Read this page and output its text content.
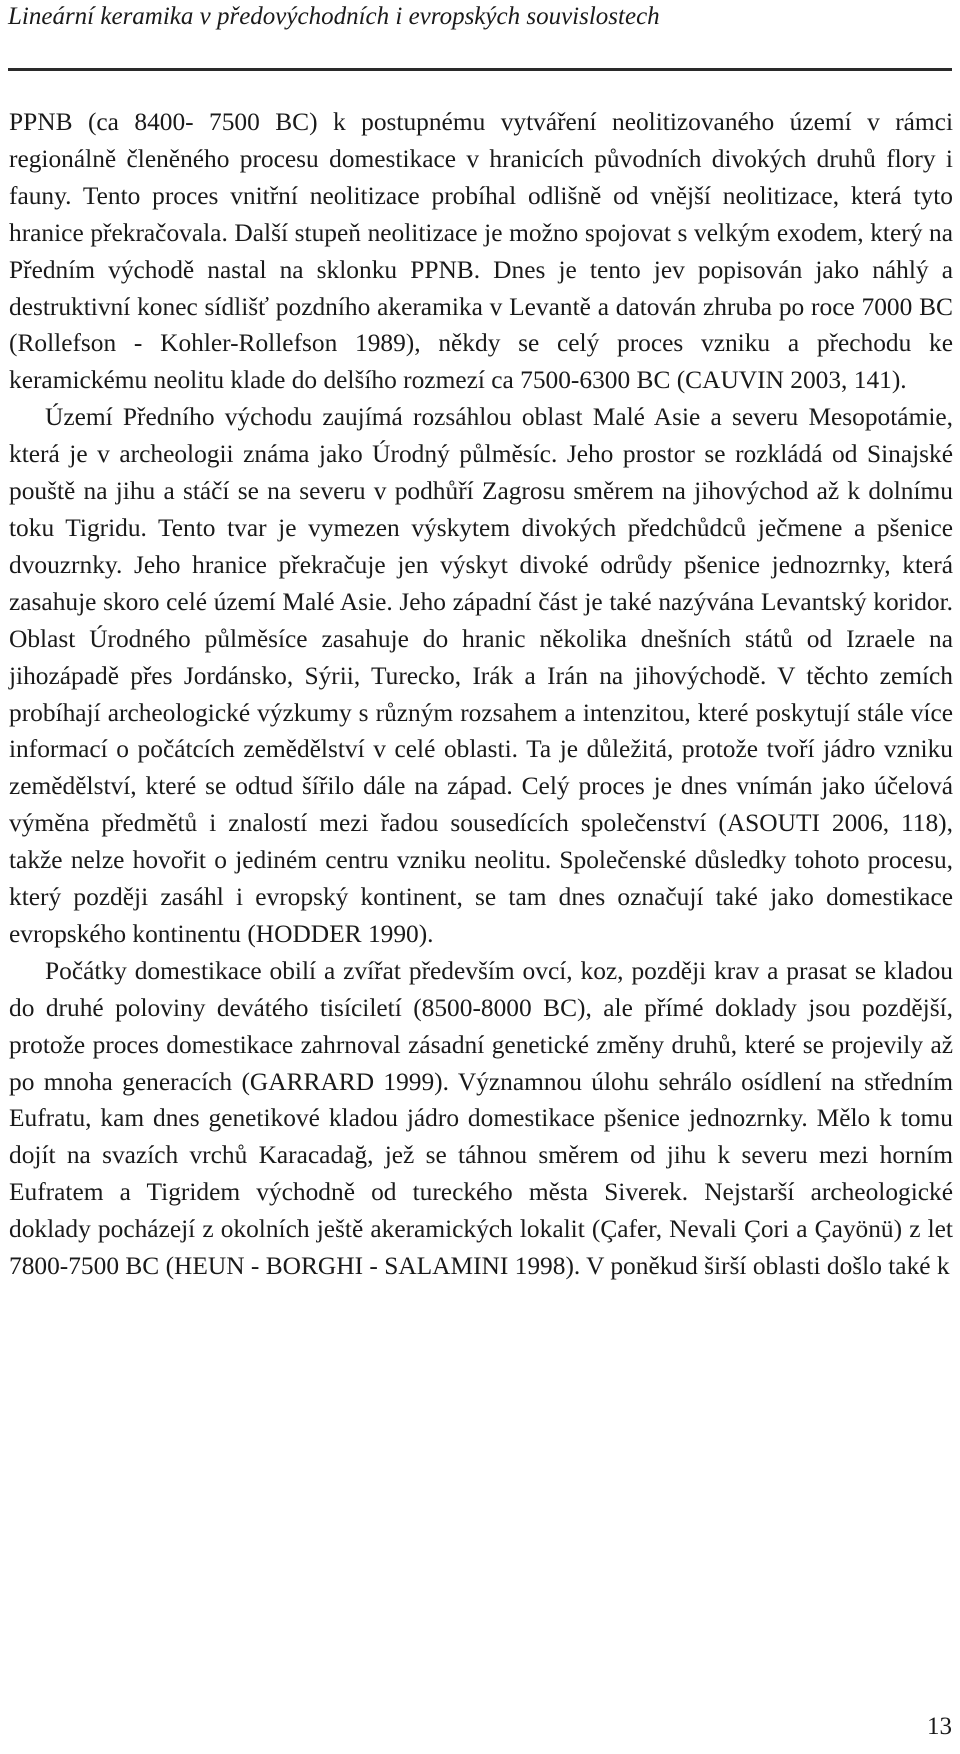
Lineární keramika v předovýchodních i evropských souvislostech

PPNB (ca 8400- 7500 BC) k postupnému vytváření neolitizovaného území v rámci regionálně členěného procesu domestikace v hranicích původních divokých druhů flory i fauny. Tento proces vnitřní neolitizace probíhal odlišně od vnější neolitizace, která tyto hranice překračovala. Další stupeň neolitizace je možno spojovat s velkým exodem, který na Předním východě nastal na sklonku PPNB. Dnes je tento jev popisován jako náhlý a destruktivní konec sídlišť pozdního akeramika v Levantě a datován zhruba po roce 7000 BC (Rollefson - Kohler-Rollefson 1989), někdy se celý proces vzniku a přechodu ke keramickému neolitu klade do delšího rozmezí ca 7500-6300 BC (CAUVIN 2003, 141).

Území Předního východu zaujímá rozsáhlou oblast Malé Asie a severu Mesopotámie, která je v archeologii známa jako Úrodný půlměsíc. Jeho prostor se rozkládá od Sinajské pouště na jihu a stáčí se na severu v podhůří Zagrosu směrem na jihovýchod až k dolnímu toku Tigridu. Tento tvar je vymezen výskytem divokých předchůdců ječmene a pšenice dvouzrnky. Jeho hranice překračuje jen výskyt divoké odrůdy pšenice jednozrnky, která zasahuje skoro celé území Malé Asie. Jeho západní část je také nazývána Levantský koridor. Oblast Úrodného půlměsíce zasahuje do hranic několika dnešních států od Izraele na jihozápadě přes Jordánsko, Sýrii, Turecko, Irák a Irán na jihovýchodě. V těchto zemích probíhají archeologické výzkumy s různým rozsahem a intenzitou, které poskytují stále více informací o počátcích zemědělství v celé oblasti. Ta je důležitá, protože tvoří jádro vzniku zemědělství, které se odtud šířilo dále na západ. Celý proces je dnes vnímán jako účelová výměna předmětů i znalostí mezi řadou sousedících společenství (ASOUTI 2006, 118), takže nelze hovořit o jediném centru vzniku neolitu. Společenské důsledky tohoto procesu, který později zasáhl i evropský kontinent, se tam dnes označují také jako domestikace evropského kontinentu (HODDER 1990).

Počátky domestikace obilí a zvířat především ovcí, koz, později krav a prasat se kladou do druhé poloviny devátého tisíciletí (8500-8000 BC), ale přímé doklady jsou pozdější, protože proces domestikace zahrnoval zásadní genetické změny druhů, které se projevily až po mnoha generacích (GARRARD 1999). Významnou úlohu sehrálo osídlení na středním Eufratu, kam dnes genetikové kladou jádro domestikace pšenice jednozrnky. Mělo k tomu dojít na svazích vrchů Karacadağ, jež se táhnou směrem od jihu k severu mezi horním Eufratem a Tigridem východně od tureckého města Siverek. Nejstarší archeologické doklady pocházejí z okolních ještě akeramických lokalit (Çafer, Nevali Çori a Çayönü) z let 7800-7500 BC (HEUN - BORGHI - SALAMINI 1998). V poněkud širší oblasti došlo také k

13
